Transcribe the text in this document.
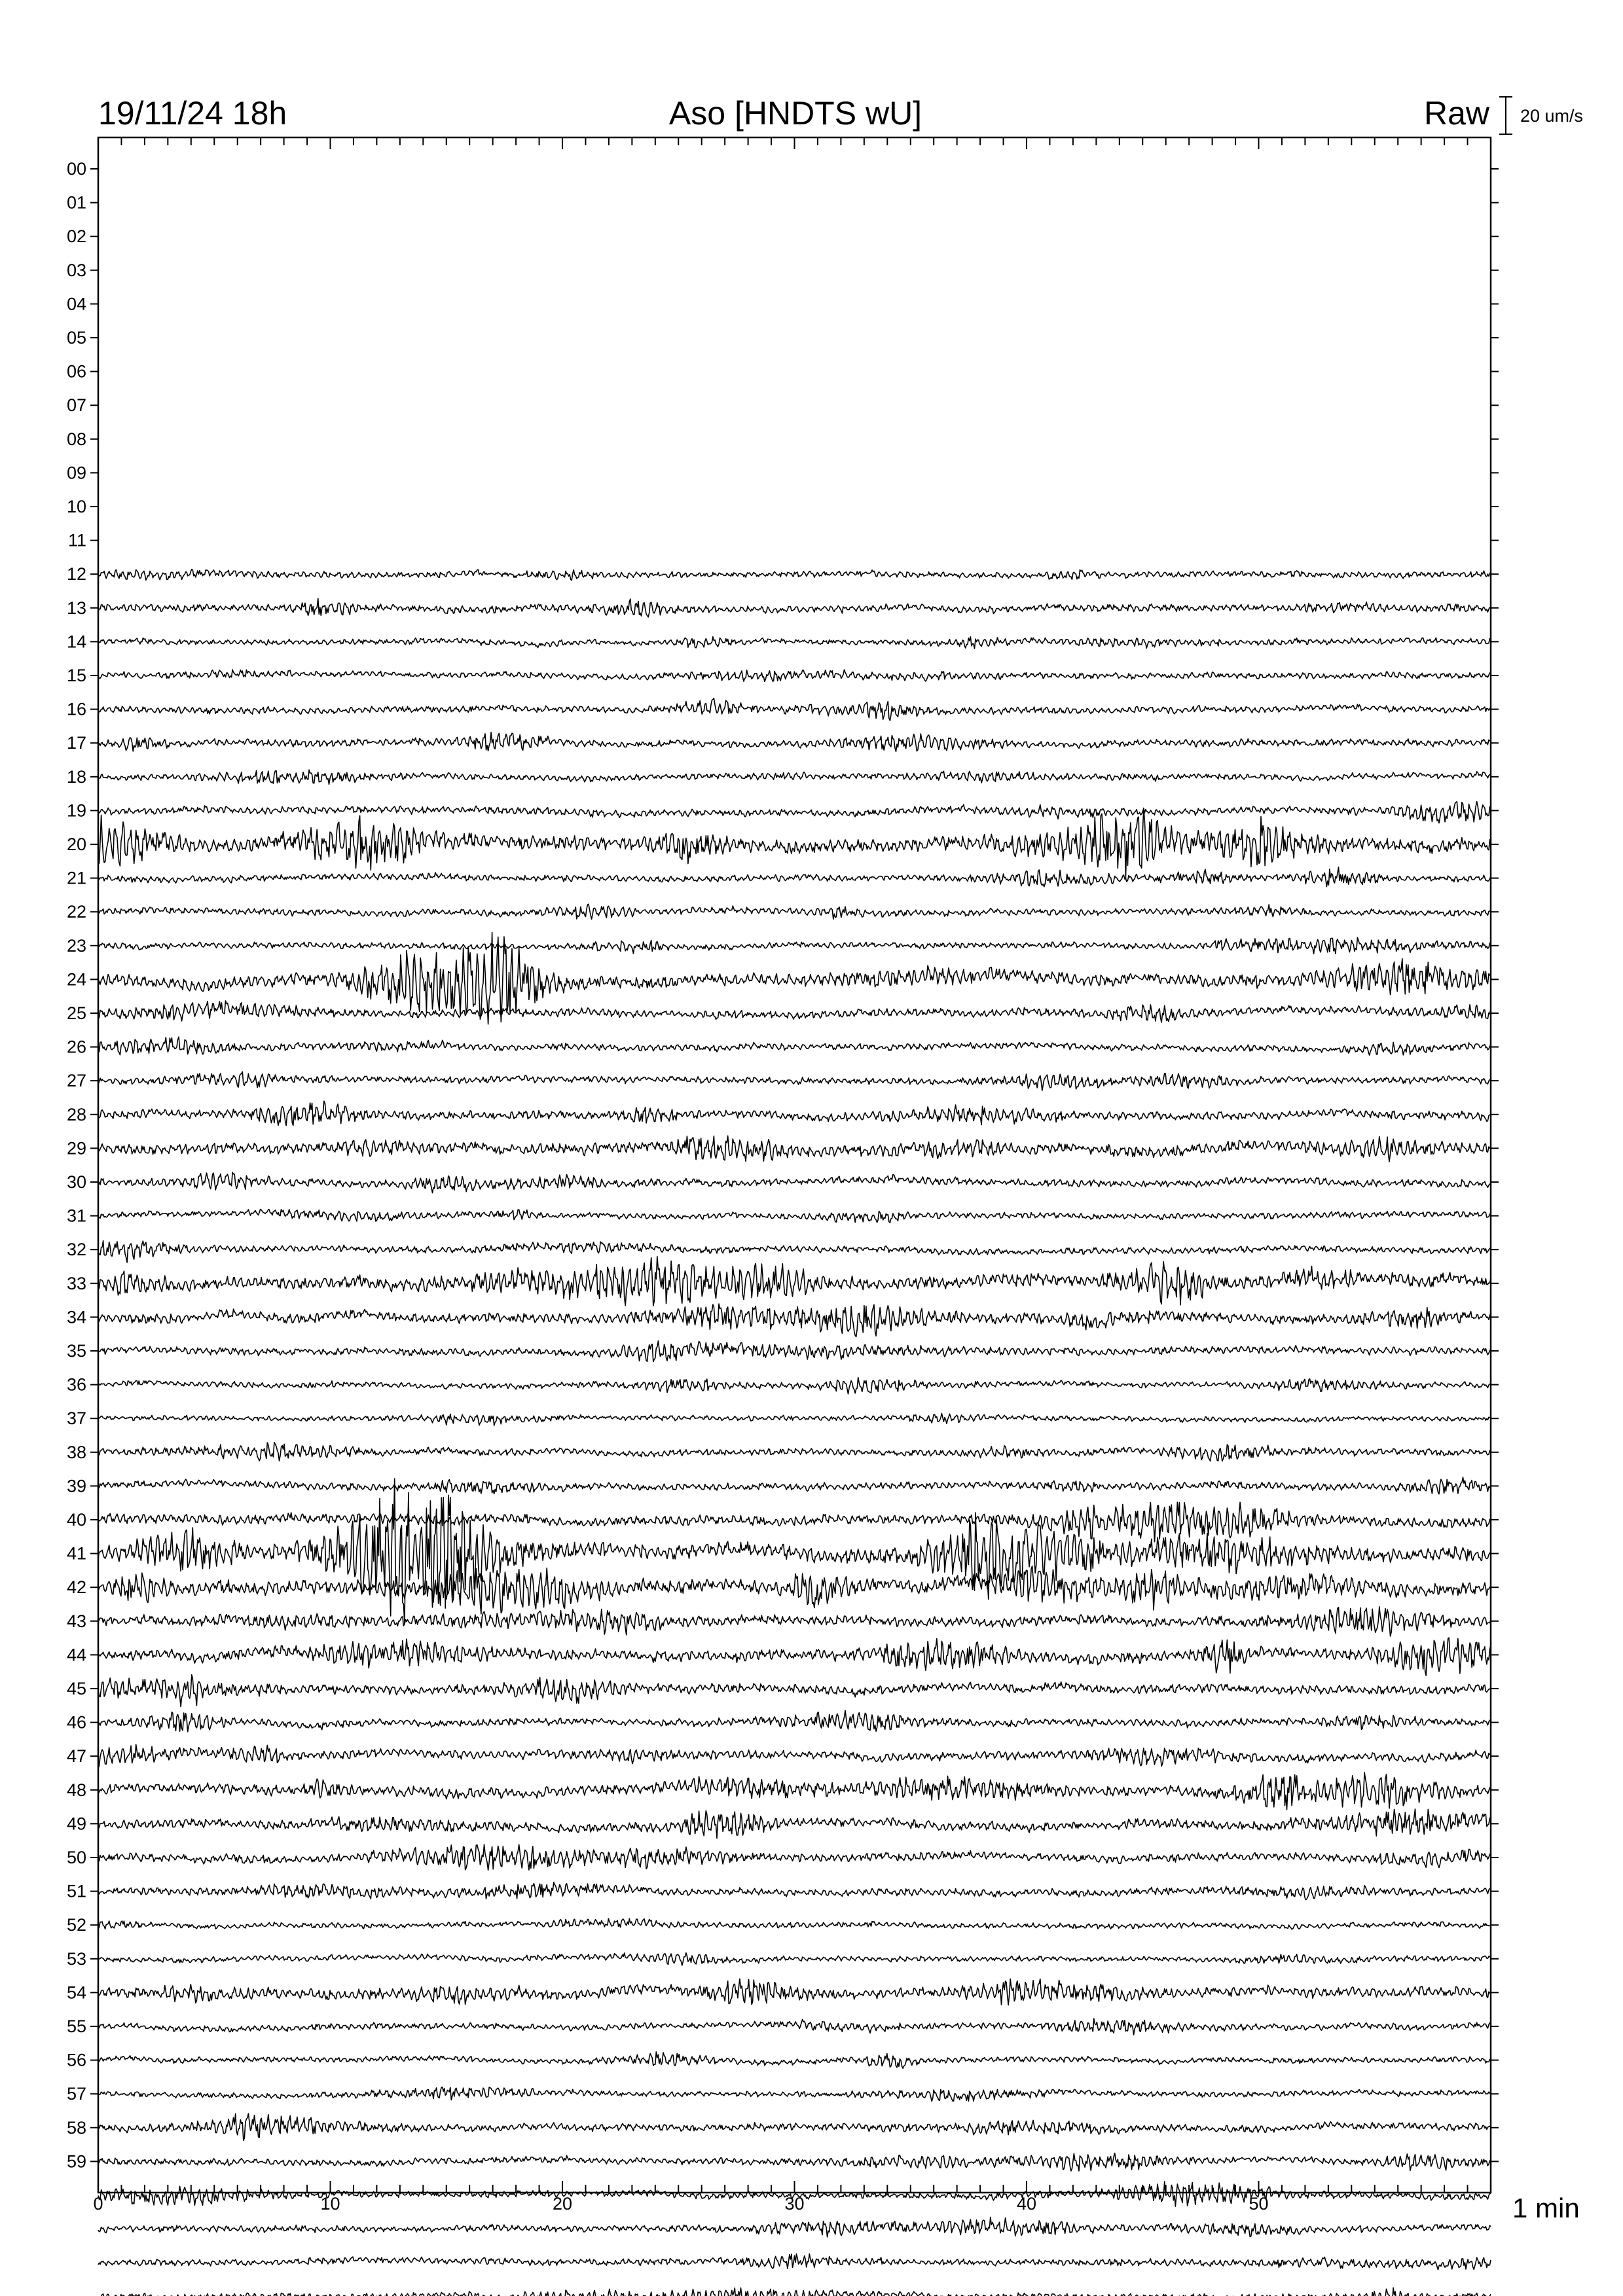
19/11/24 18h	Aso [HNDTS wU]	Raw 20 um/s
00
01
02
03
04
05
06
07
08
09
10
11
12
13
14
15
16
17
18
19
20
21
22
23
24
25
26
27
28
29
30
31
32
33
34
35
36
37
38
39
40
41
42
43
44
45
46
47
48
49
50
51
52
53
54
55
56
57
58
59
0	10	20	30	40	50	1 min
